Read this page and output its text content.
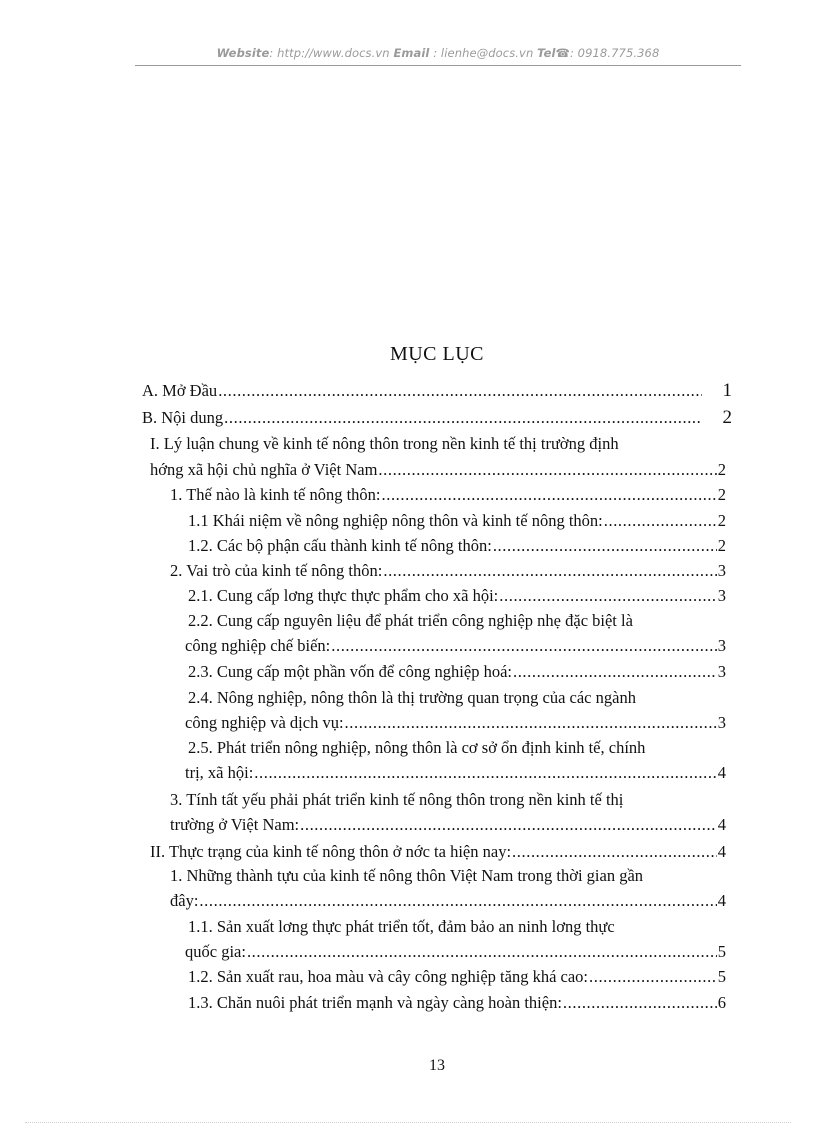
Website: http://www.docs.vn Email : lienhe@docs.vn Tel☎: 0918.775.368
MỤC LỤC
A. Mở Đầu .....	1
B. Nội dung .....	2
I. Lý luận chung về kinh tế nông thôn trong nền kinh tế thị trường định
hớng xã hội chủ nghĩa ở Việt Nam .....	2
1. Thế nào là kinh tế nông thôn: .....	2
1.1 Khái niệm về nông nghiệp nông thôn và kinh tế nông thôn: .....	2
1.2. Các bộ phận cấu thành kinh tế nông thôn: .....	2
2. Vai trò của kinh tế nông thôn: .....	3
2.1. Cung cấp lơng thực thực phẩm cho xã hội: .....	3
2.2. Cung cấp nguyên liệu để phát triển công nghiệp nhẹ đặc biệt là
công nghiệp chế biến: .....	3
2.3. Cung cấp một phần vốn để công nghiệp hoá: .....	3
2.4. Nông nghiệp, nông thôn là thị trường quan trọng của các ngành
công nghiệp và dịch vụ: .....	3
2.5. Phát triển nông nghiệp, nông thôn là cơ sở ổn định kinh tế, chính
trị, xã hội: .....	4
3. Tính tất yếu phải phát triển kinh tế nông thôn trong nền kinh tế thị
trường ở Việt Nam: .....	4
II. Thực trạng của kinh tế nông thôn ở nớc ta hiện nay: .....	4
1. Những thành tựu của kinh tế nông thôn Việt Nam trong thời gian gần
đây: .....	4
1.1. Sản xuất lơng thực phát triển tốt, đảm bảo an ninh lơng thực
quốc gia: .....	5
1.2. Sản xuất rau, hoa màu và cây công nghiệp tăng khá cao: .....	5
1.3. Chăn nuôi phát triển mạnh và ngày càng hoàn thiện: .....	6
13
